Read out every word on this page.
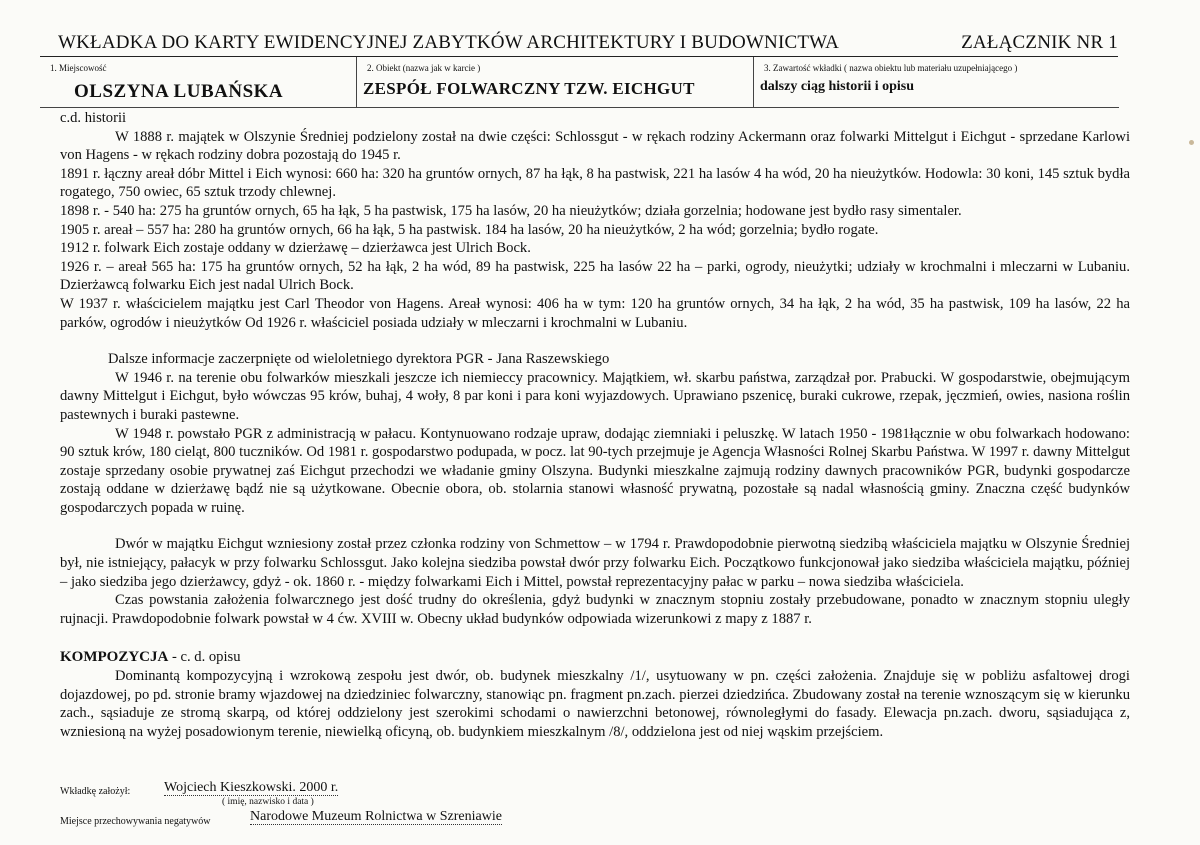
WKŁADKA DO KARTY EWIDENCYJNEJ ZABYTKÓW ARCHITEKTURY I BUDOWNICTWA	ZAŁĄCZNIK NR 1
1. Miejscowość
OLSZYNA LUBAŃSKA
2. Obiekt (nazwa jak w karcie )
ZESPÓŁ FOLWARCZNY TZW. EICHGUT
3. Zawartość wkładki ( nazwa obiektu lub materiału uzupełniającego )
dalszy ciąg historii i opisu

c.d. historii

W 1888 r. majątek w Olszynie Średniej podzielony został na dwie części: Schlossgut - w rękach rodziny Ackermann oraz folwarki Mittelgut i Eichgut - sprzedane Karlowi von Hagens - w rękach rodziny dobra pozostają do 1945 r.

1891 r. łączny areał dóbr Mittel i Eich wynosi: 660 ha: 320 ha gruntów ornych, 87 ha łąk, 8 ha pastwisk, 221 ha lasów 4 ha wód, 20 ha nieużytków. Hodowla: 30 koni, 145 sztuk bydła rogatego, 750 owiec, 65 sztuk trzody chlewnej.

1898 r. - 540 ha: 275 ha gruntów ornych, 65 ha łąk, 5 ha pastwisk, 175 ha lasów, 20 ha nieużytków; działa gorzelnia; hodowane jest bydło rasy simentaler.

1905 r. areał – 557 ha: 280 ha gruntów ornych, 66 ha łąk, 5 ha pastwisk. 184 ha lasów, 20 ha nieużytków, 2 ha wód; gorzelnia; bydło rogate.

1912 r. folwark Eich zostaje oddany w dzierżawę – dzierżawca jest Ulrich Bock.

1926 r. – areał 565 ha: 175 ha gruntów ornych, 52 ha łąk, 2 ha wód, 89 ha pastwisk, 225 ha lasów 22 ha – parki, ogrody, nieużytki; udziały w krochmalni i mleczarni w Lubaniu. Dzierżawcą folwarku Eich jest nadal Ulrich Bock.

W 1937 r. właścicielem majątku jest Carl Theodor von Hagens. Areał wynosi: 406 ha w tym: 120 ha gruntów ornych, 34 ha łąk, 2 ha wód, 35 ha pastwisk, 109 ha lasów, 22 ha parków, ogrodów i nieużytków Od 1926 r. właściciel posiada udziały w mleczarni i krochmalni w Lubaniu.

Dalsze informacje zaczerpnięte od wieloletniego dyrektora PGR - Jana Raszewskiego

W 1946 r. na terenie obu folwarków mieszkali jeszcze ich niemieccy pracownicy. Majątkiem, wł. skarbu państwa, zarządzał por. Prabucki. W gospodarstwie, obejmującym dawny Mittelgut i Eichgut, było wówczas 95 krów, buhaj, 4 woły, 8 par koni i para koni wyjazdowych. Uprawiano pszenicę, buraki cukrowe, rzepak, jęczmień, owies, nasiona roślin pastewnych i buraki pastewne.

W 1948 r. powstało PGR z administracją w pałacu. Kontynuowano rodzaje upraw, dodając ziemniaki i peluszkę. W latach 1950 - 1981łącznie w obu folwarkach hodowano: 90 sztuk krów, 180 cieląt, 800 tuczników. Od 1981 r. gospodarstwo podupada, w pocz. lat 90-tych przejmuje je Agencja Własności Rolnej Skarbu Państwa. W 1997 r. dawny Mittelgut zostaje sprzedany osobie prywatnej zaś Eichgut przechodzi we władanie gminy Olszyna. Budynki mieszkalne zajmują rodziny dawnych pracowników PGR, budynki gospodarcze zostają oddane w dzierżawę bądź nie są użytkowane. Obecnie obora, ob. stolarnia stanowi własność prywatną, pozostałe są nadal własnością gminy. Znaczna część budynków gospodarczych popada w ruinę.

Dwór w majątku Eichgut wzniesiony został przez członka rodziny von Schmettow – w 1794 r. Prawdopodobnie pierwotną siedzibą właściciela majątku w Olszynie Średniej był, nie istniejący, pałacyk w przy folwarku Schlossgut. Jako kolejna siedziba powstał dwór przy folwarku Eich. Początkowo funkcjonował jako siedziba właściciela majątku, później – jako siedziba jego dzierżawcy, gdyż - ok. 1860 r. - między folwarkami Eich i Mittel, powstał reprezentacyjny pałac w parku – nowa siedziba właściciela.

Czas powstania założenia folwarcznego jest dość trudny do określenia, gdyż budynki w znacznym stopniu zostały przebudowane, ponadto w znacznym stopniu uległy rujnacji. Prawdopodobnie folwark powstał w 4 ćw. XVIII w. Obecny układ budynków odpowiada wizerunkowi z mapy z 1887 r.

KOMPOZYCJA - c. d. opisu

Dominantą kompozycyjną i wzrokową zespołu jest dwór, ob. budynek mieszkalny /1/, usytuowany w pn. części założenia. Znajduje się w pobliżu asfaltowej drogi dojazdowej, po pd. stronie bramy wjazdowej na dziedziniec folwarczny, stanowiąc pn. fragment pn.zach. pierzei dziedzińca. Zbudowany został na terenie wznoszącym się w kierunku zach., sąsiaduje ze stromą skarpą, od której oddzielony jest szerokimi schodami o nawierzchni betonowej, równoległymi do fasady. Elewacja pn.zach. dworu, sąsiadująca z, wzniesioną na wyżej posadowionym terenie, niewielką oficyną, ob. budynkiem mieszkalnym /8/, oddzielona jest od niej wąskim przejściem.

Wkładkę założył: Wojciech Kieszkowski. 2000 r.
( imię, nazwisko i data )
Miejsce przechowywania negatywów	Narodowe Muzeum Rolnictwa w Szreniawie
